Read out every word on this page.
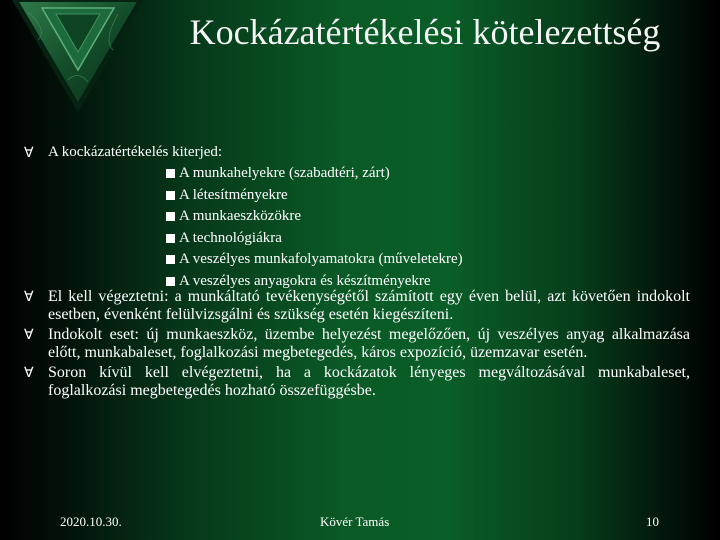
Kockázatértékelési kötelezettség
Ɐ A kockázatértékelés kiterjed:
A munkahelyekre (szabadtéri, zárt)
A létesítményekre
A munkaeszközökre
A technológiákra
A veszélyes munkafolyamatokra (műveletekre)
A veszélyes anyagokra és készítményekre
Ɐ El kell végeztetni: a munkáltató tevékenységétől számított egy éven belül, azt követően indokolt esetben, évenként felülvizsgálni és szükség esetén kiegészíteni.
Ɐ Indokolt eset: új munkaeszköz, üzembe helyezést megelőzően, új veszélyes anyag alkalmazása előtt, munkabaleset, foglalkozási megbetegedés, káros expozíció, üzemzavar esetén.
Ɐ Soron kívül kell elvégeztetni, ha a kockázatok lényeges megváltozásával munkabaleset, foglalkozási megbetegedés hozható összefüggésbe.
2020.10.30.	Kövér Tamás	10
